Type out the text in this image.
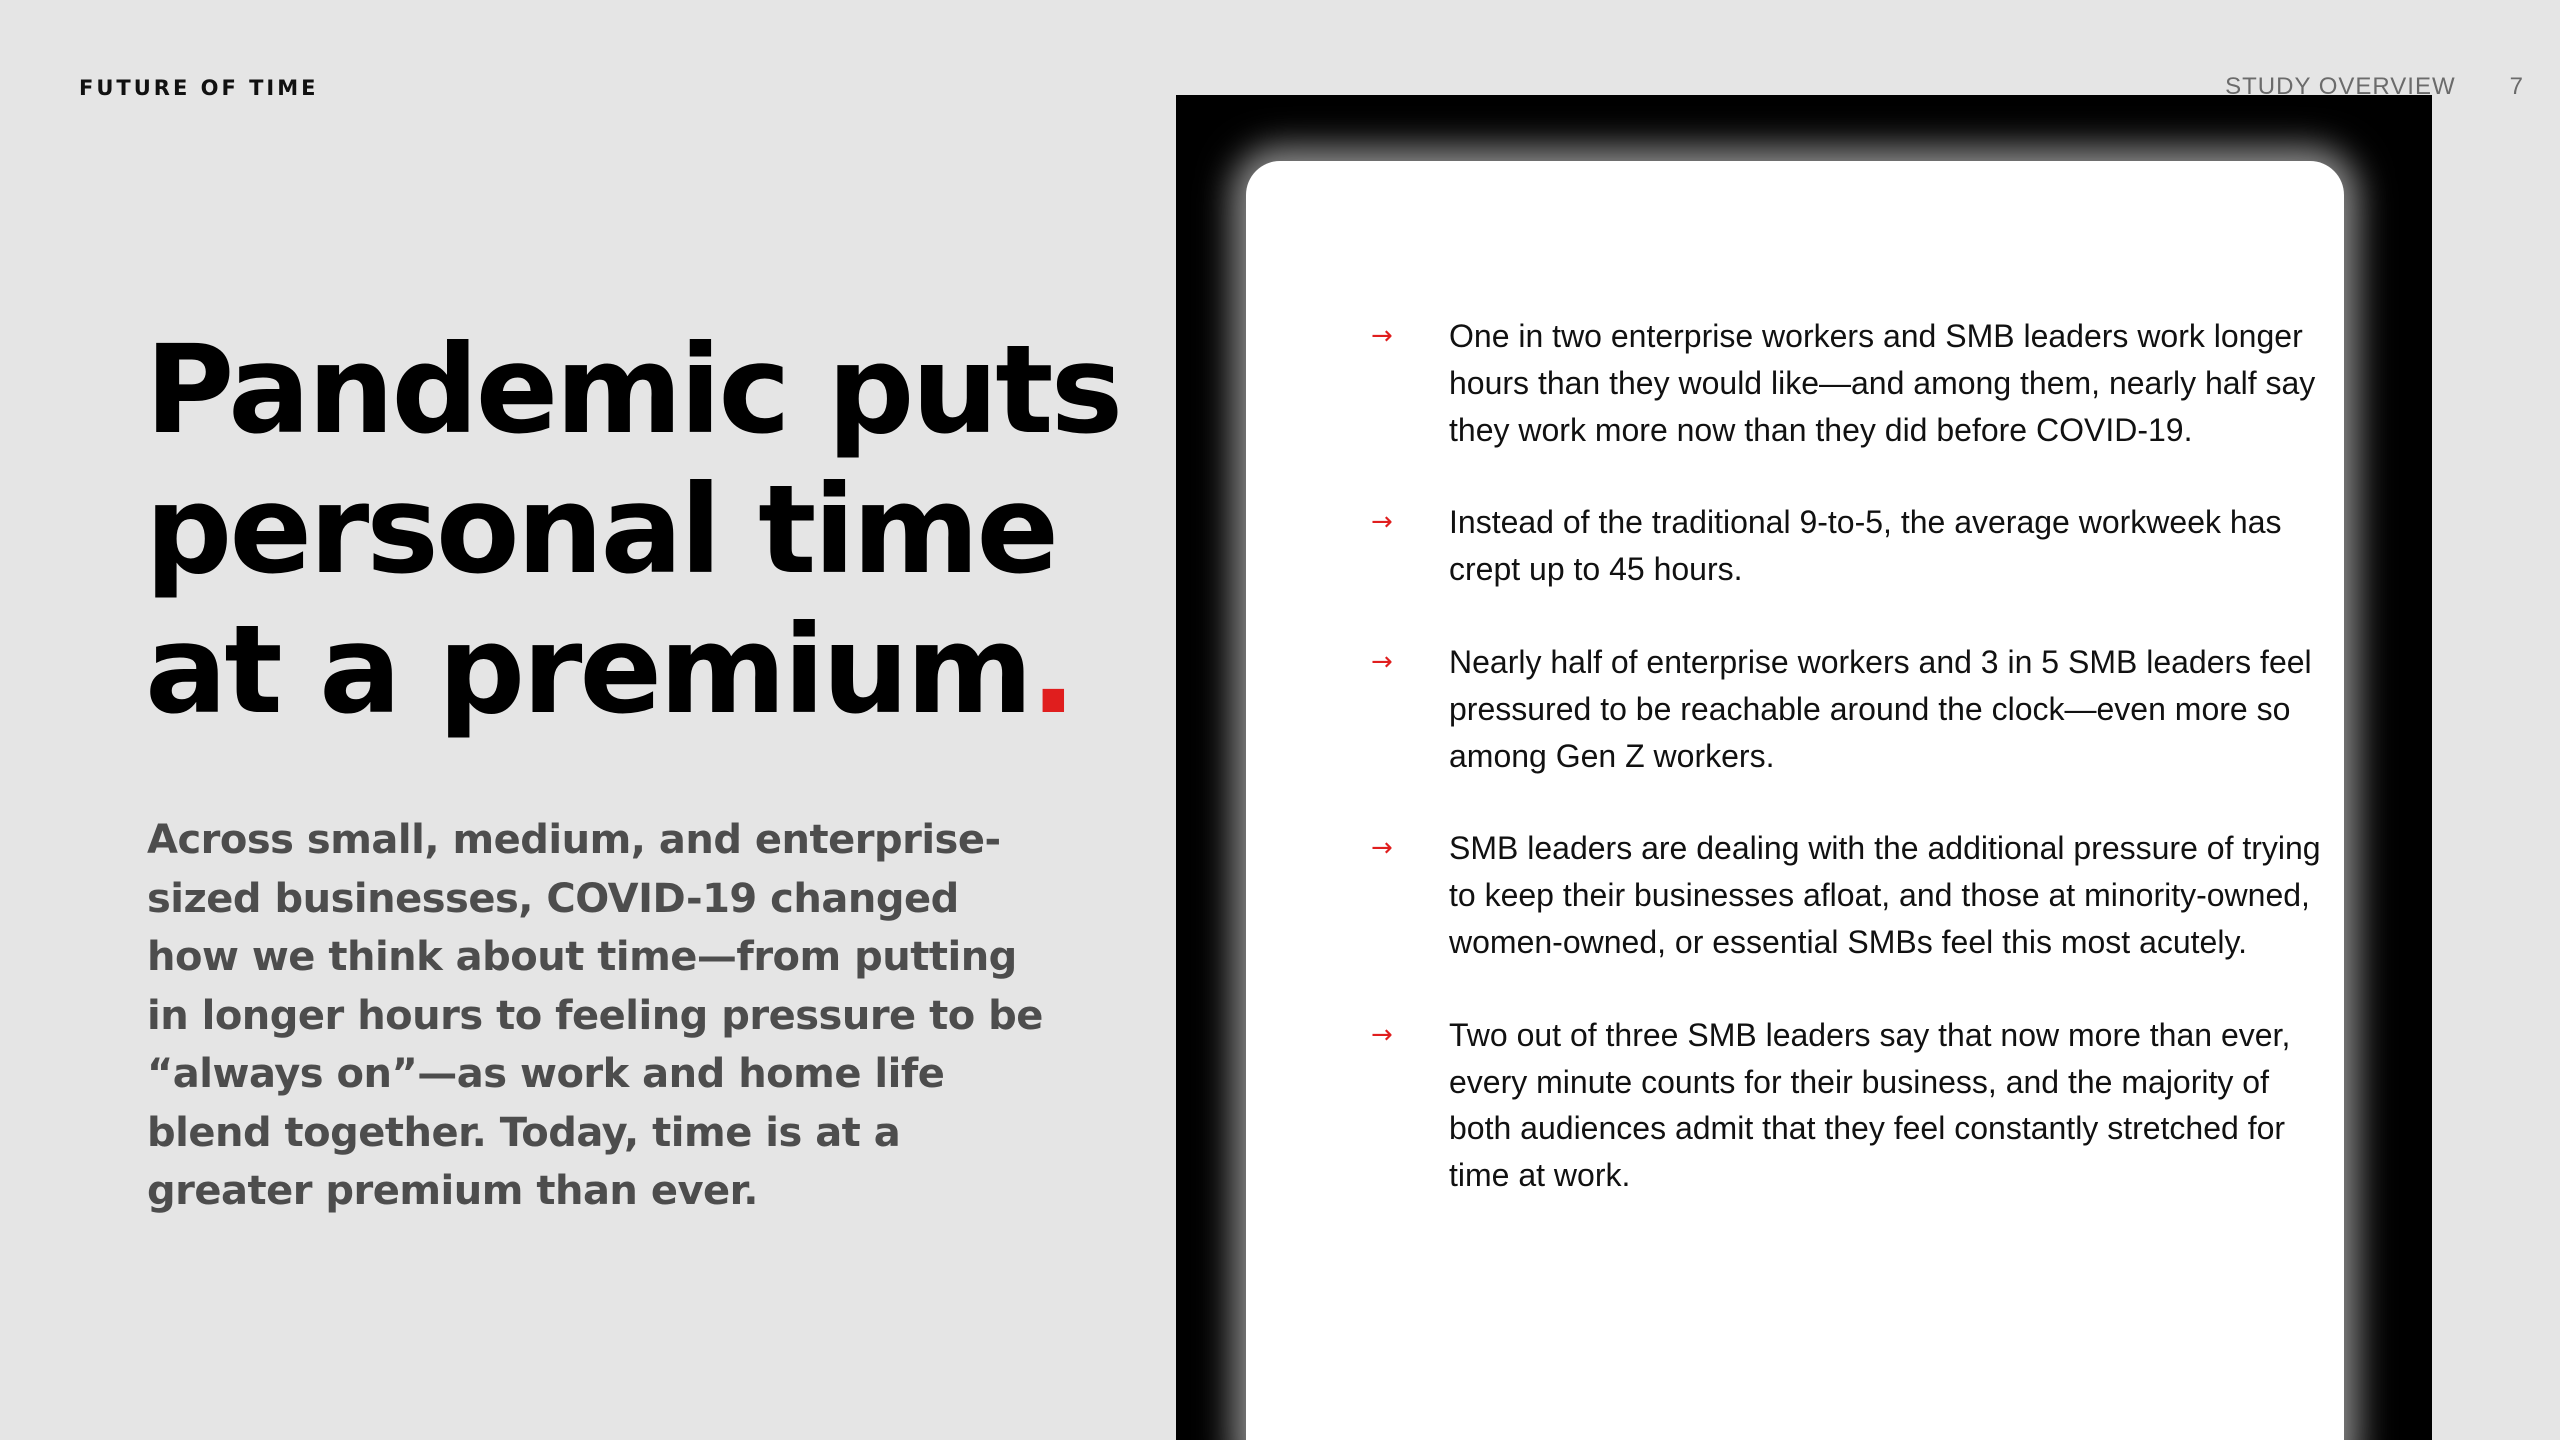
FUTURE OF TIME	STUDY OVERVIEW 7
Pandemic puts
personal time
at a premium.

Across small, medium, and enterprise-sized businesses, COVID-19 changed how we think about time—from putting in longer hours to feeling pressure to be “always on”—as work and home life blend together. Today, time is at a greater premium than ever.

→ One in two enterprise workers and SMB leaders work longer hours than they would like—and among them, nearly half say they work more now than they did before COVID-19.
→ Instead of the traditional 9-to-5, the average workweek has crept up to 45 hours.
→ Nearly half of enterprise workers and 3 in 5 SMB leaders feel pressured to be reachable around the clock—even more so among Gen Z workers.
→ SMB leaders are dealing with the additional pressure of trying to keep their businesses afloat, and those at minority-owned, women-owned, or essential SMBs feel this most acutely.
→ Two out of three SMB leaders say that now more than ever, every minute counts for their business, and the majority of both audiences admit that they feel constantly stretched for time at work.
